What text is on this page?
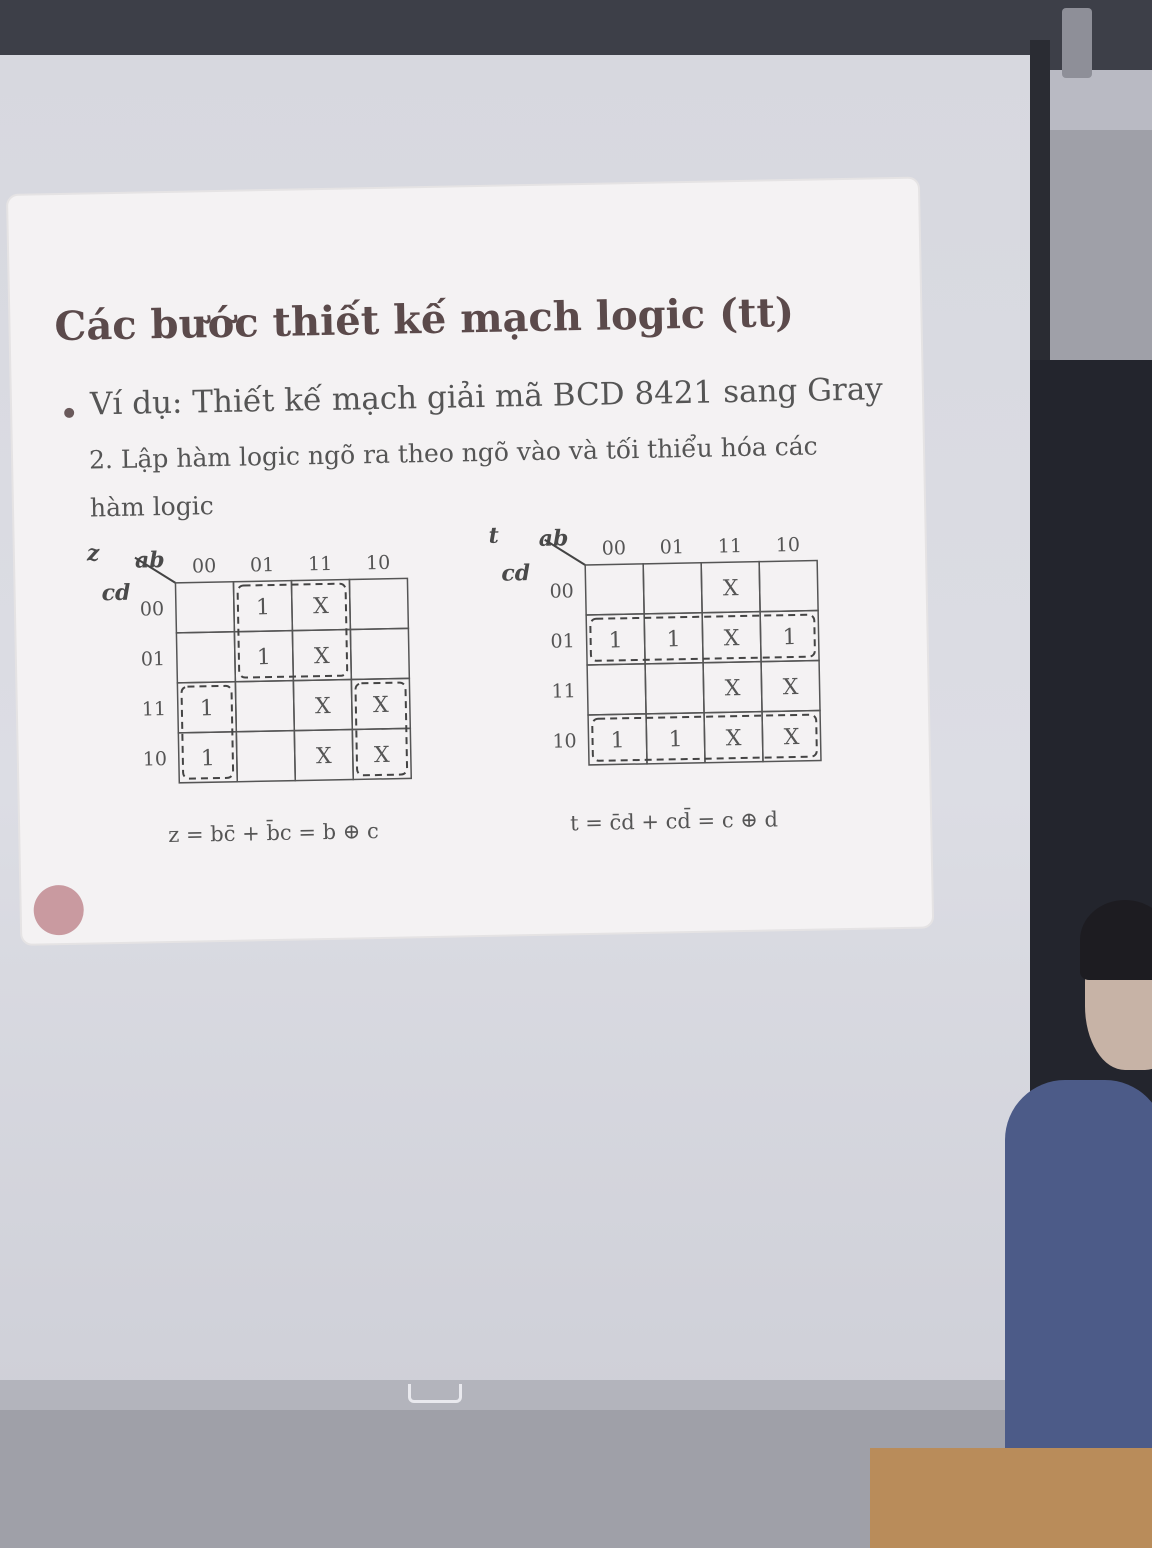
Các bước thiết kế mạch logic (tt)
Ví dụ: Thiết kế mạch giải mã BCD 8421 sang Gray
2. Lập hàm logic ngõ ra theo ngõ vào và tối thiểu hóa các hàm logic
z ab
cd
00 01 11 10
00
01
11
10
1 X
1 X
1	X X
1	X X
z = bc̄ + b̄c = b ⊕ c
t ab
cd
00 01 11 10
00
01
11
10
X
1 1 X 1
X X
1 1 X X
t = c̄d + cd̄ = c ⊕ d
